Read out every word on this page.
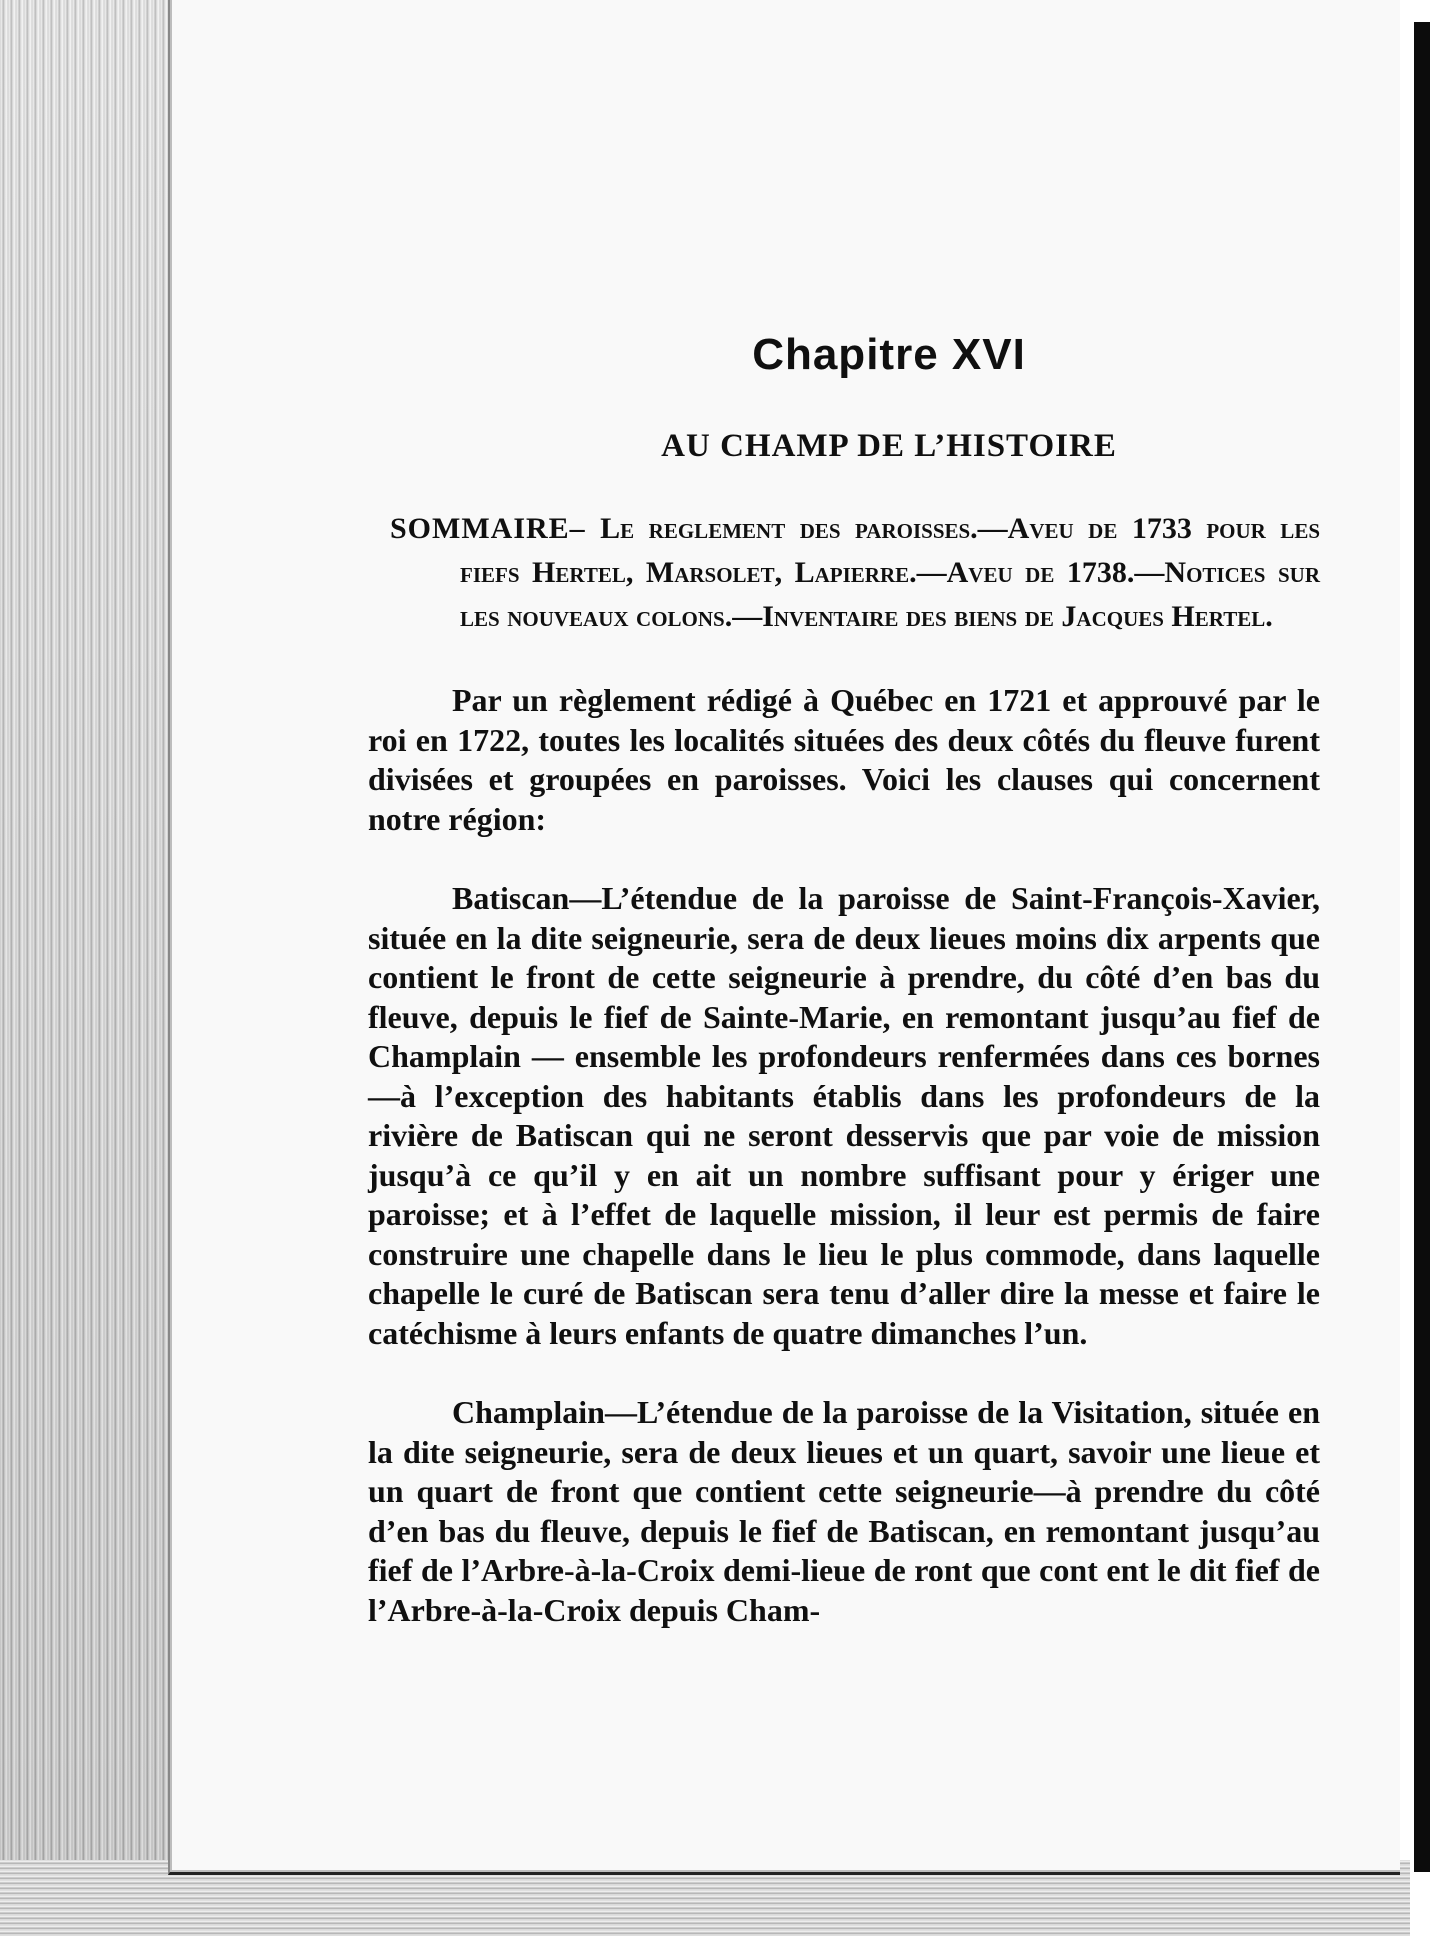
Chapitre XVI
AU CHAMP DE L’HISTOIRE
SOMMAIRE– Le reglement des paroisses.—Aveu de 1733 pour les fiefs Hertel, Marsolet, Lapierre.—Aveu de 1738.—Notices sur les nouveaux colons.—Inventaire des biens de Jacques Hertel.

Par un règlement rédigé à Québec en 1721 et approuvé par le roi en 1722, toutes les localités situées des deux côtés du fleuve furent divisées et groupées en paroisses. Voici les clauses qui concernent notre région:

Batiscan—L’étendue de la paroisse de Saint-François-Xavier, située en la dite seigneurie, sera de deux lieues moins dix arpents que contient le front de cette seigneurie à prendre, du côté d’en bas du fleuve, depuis le fief de Sainte-Marie, en remontant jusqu’au fief de Champlain — ensemble les profondeurs renfermées dans ces bornes—à l’exception des habitants établis dans les profondeurs de la rivière de Batiscan qui ne seront desservis que par voie de mission jusqu’à ce qu’il y en ait un nombre suffisant pour y ériger une paroisse; et à l’effet de laquelle mission, il leur est permis de faire construire une chapelle dans le lieu le plus commode, dans laquelle chapelle le curé de Batiscan sera tenu d’aller dire la messe et faire le catéchisme à leurs enfants de quatre dimanches l’un.

Champlain—L’étendue de la paroisse de la Visitation, située en la dite seigneurie, sera de deux lieues et un quart, savoir une lieue et un quart de front que contient cette seigneurie—à prendre du côté d’en bas du fleuve, depuis le fief de Batiscan, en remontant jusqu’au fief de l’Arbre-à-la-Croix demi-lieue de ront que cont ent le dit fief de l’Arbre-à-la-Croix depuis Cham-
